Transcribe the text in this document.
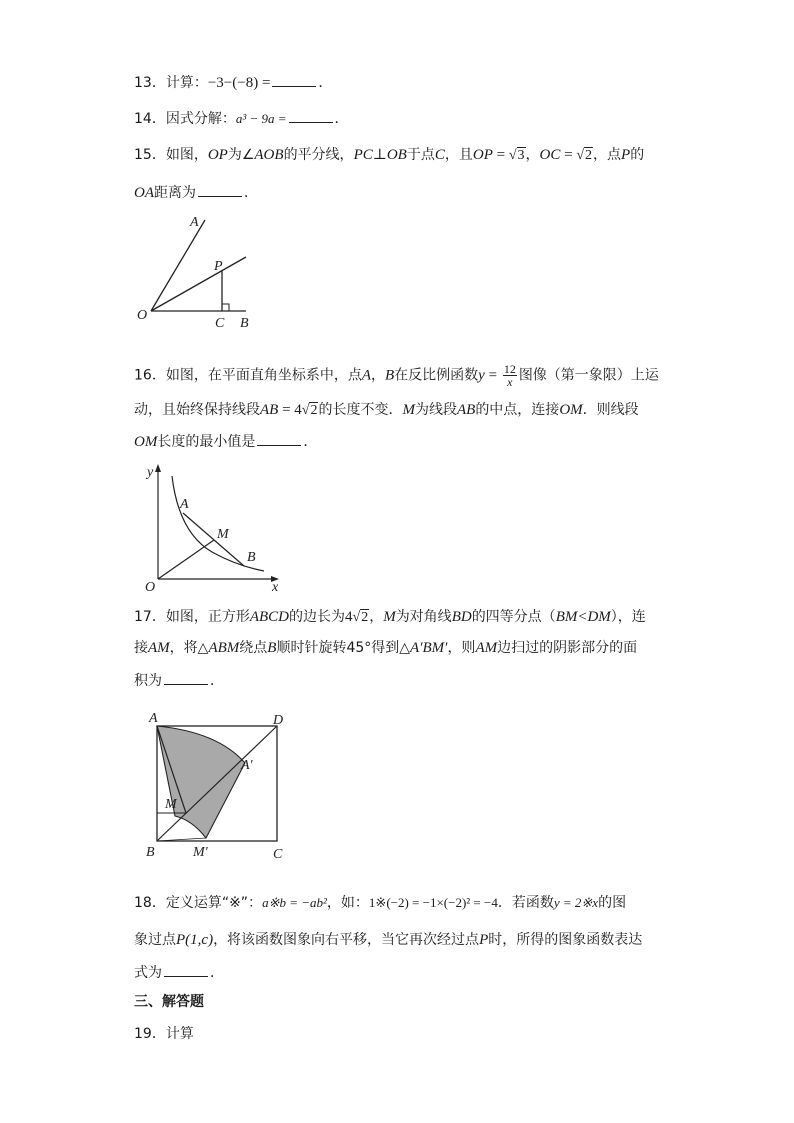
13．计算：−3−(−8) =	．
14．因式分解：a³ − 9a =	．
15．如图，OP为∠AOB的平分线，PC⊥OB于点C，且OP = √3，OC = √2，点P的
OA距离为	．
A
P
O
C B
16．如图，在平面直角坐标系中，点A，B在反比例函数$y = \frac{12}{x}$ 图像（第一象限）上运
动，且始终保持线段AB = 4√2的长度不变．M为线段AB的中点，连接OM．则线段
OM长度的最小值是	．
y
A
M
B
O	x
17．如图，正方形ABCD的边长为4√2，M为对角线BD的四等分点（BM<DM），连
接AM，将△ABM绕点B顺时针旋转45°得到△A′BM′，则AM边扫过的阴影部分的面
积为	．
A	D
A′
M
B	M′	C
18．定义运算“※”：a※b = −ab²，如：1※(−2) = −1×(−2)² = −4．若函数y = 2※x的图
象过点P(1,c)，将该函数图象向右平移，当它再次经过点P时，所得的图象函数表达
式为	．
三、解答题
19．计算
